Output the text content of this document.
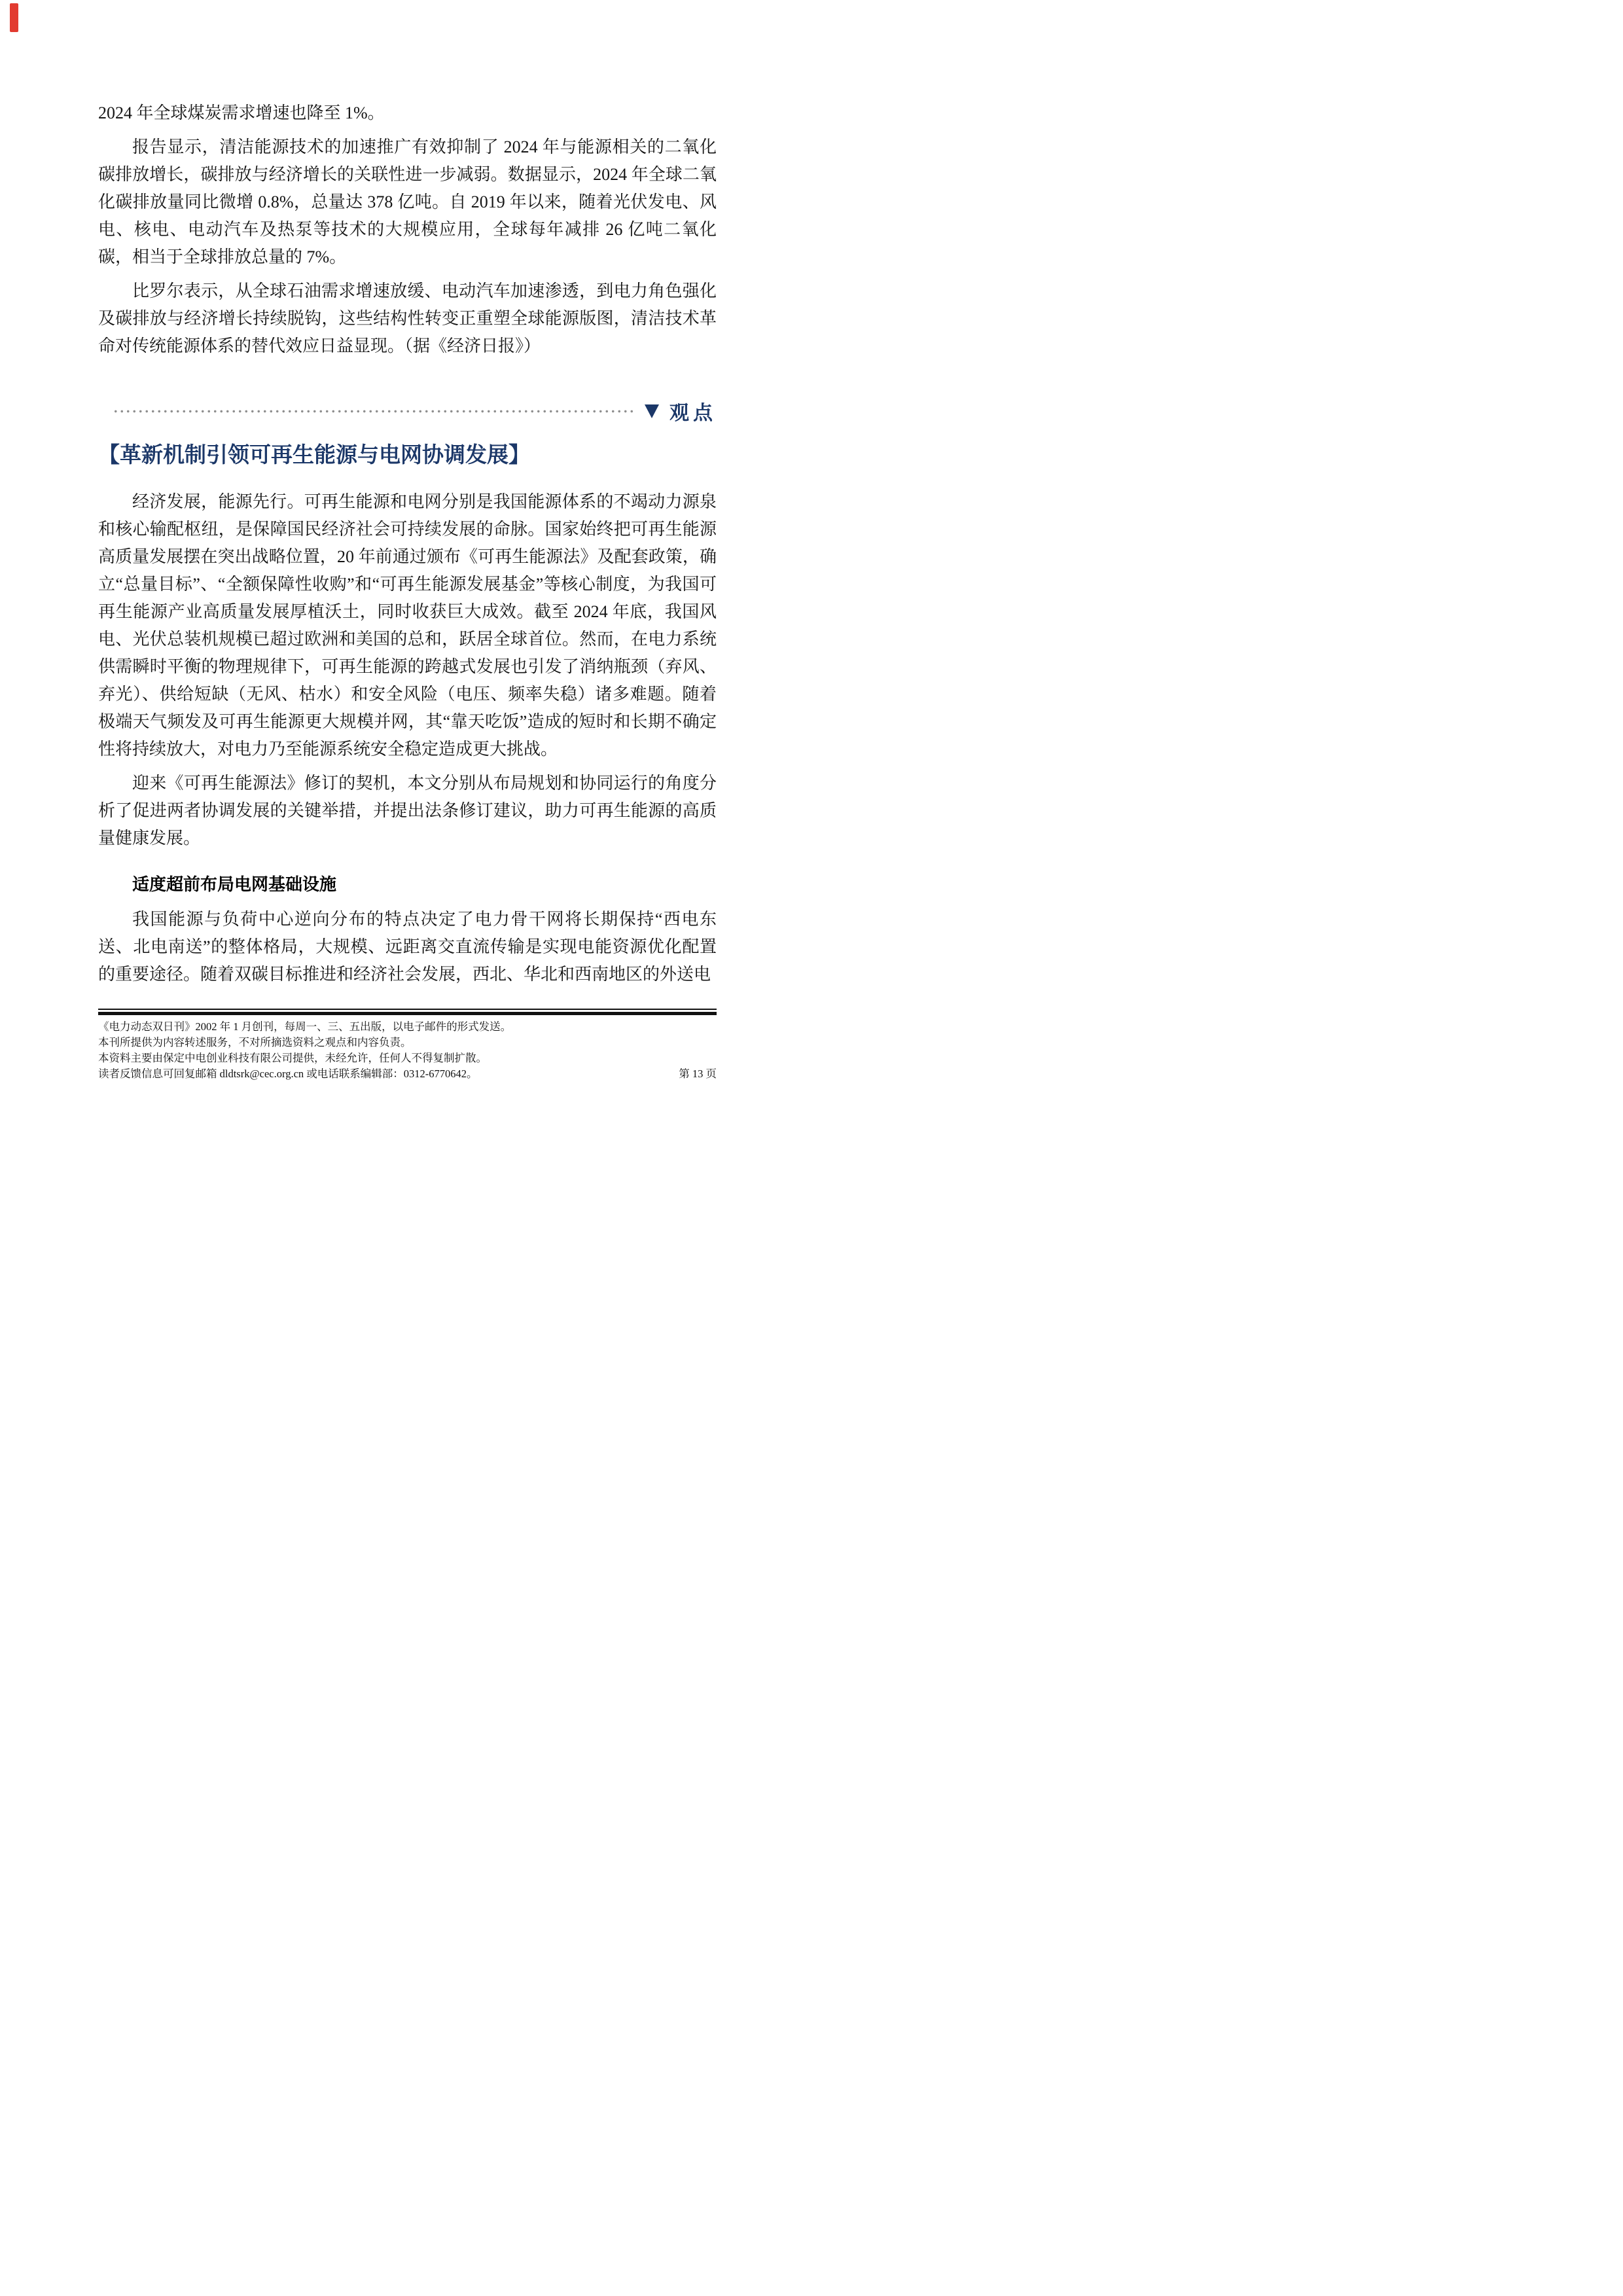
2024 年全球煤炭需求增速也降至 1%。

报告显示，清洁能源技术的加速推广有效抑制了 2024 年与能源相关的二氧化碳排放增长，碳排放与经济增长的关联性进一步减弱。数据显示，2024 年全球二氧化碳排放量同比微增 0.8%，总量达 378 亿吨。自 2019 年以来，随着光伏发电、风电、核电、电动汽车及热泵等技术的大规模应用，全球每年减排 26 亿吨二氧化碳，相当于全球排放总量的 7%。

比罗尔表示，从全球石油需求增速放缓、电动汽车加速渗透，到电力角色强化及碳排放与经济增长持续脱钩，这些结构性转变正重塑全球能源版图，清洁技术革命对传统能源体系的替代效应日益显现。（据《经济日报》）

观点
【革新机制引领可再生能源与电网协调发展】

经济发展，能源先行。可再生能源和电网分别是我国能源体系的不竭动力源泉和核心输配枢纽，是保障国民经济社会可持续发展的命脉。国家始终把可再生能源高质量发展摆在突出战略位置，20 年前通过颁布《可再生能源法》及配套政策，确立“总量目标”、“全额保障性收购”和“可再生能源发展基金”等核心制度，为我国可再生能源产业高质量发展厚植沃土，同时收获巨大成效。截至 2024 年底，我国风电、光伏总装机规模已超过欧洲和美国的总和，跃居全球首位。然而，在电力系统供需瞬时平衡的物理规律下，可再生能源的跨越式发展也引发了消纳瓶颈（弃风、弃光）、供给短缺（无风、枯水）和安全风险（电压、频率失稳）诸多难题。随着极端天气频发及可再生能源更大规模并网，其“靠天吃饭”造成的短时和长期不确定性将持续放大，对电力乃至能源系统安全稳定造成更大挑战。

迎来《可再生能源法》修订的契机，本文分别从布局规划和协同运行的角度分析了促进两者协调发展的关键举措，并提出法条修订建议，助力可再生能源的高质量健康发展。

适度超前布局电网基础设施

我国能源与负荷中心逆向分布的特点决定了电力骨干网将长期保持“西电东送、北电南送”的整体格局，大规模、远距离交直流传输是实现电能资源优化配置的重要途径。随着双碳目标推进和经济社会发展，西北、华北和西南地区的外送电

《电力动态双日刊》2002 年 1 月创刊，每周一、三、五出版，以电子邮件的形式发送。
本刊所提供为内容转述服务，不对所摘选资料之观点和内容负责。
本资料主要由保定中电创业科技有限公司提供，未经允许，任何人不得复制扩散。
读者反馈信息可回复邮箱 dldtsrk@cec.org.cn 或电话联系编辑部：0312-6770642。	第 13 页
